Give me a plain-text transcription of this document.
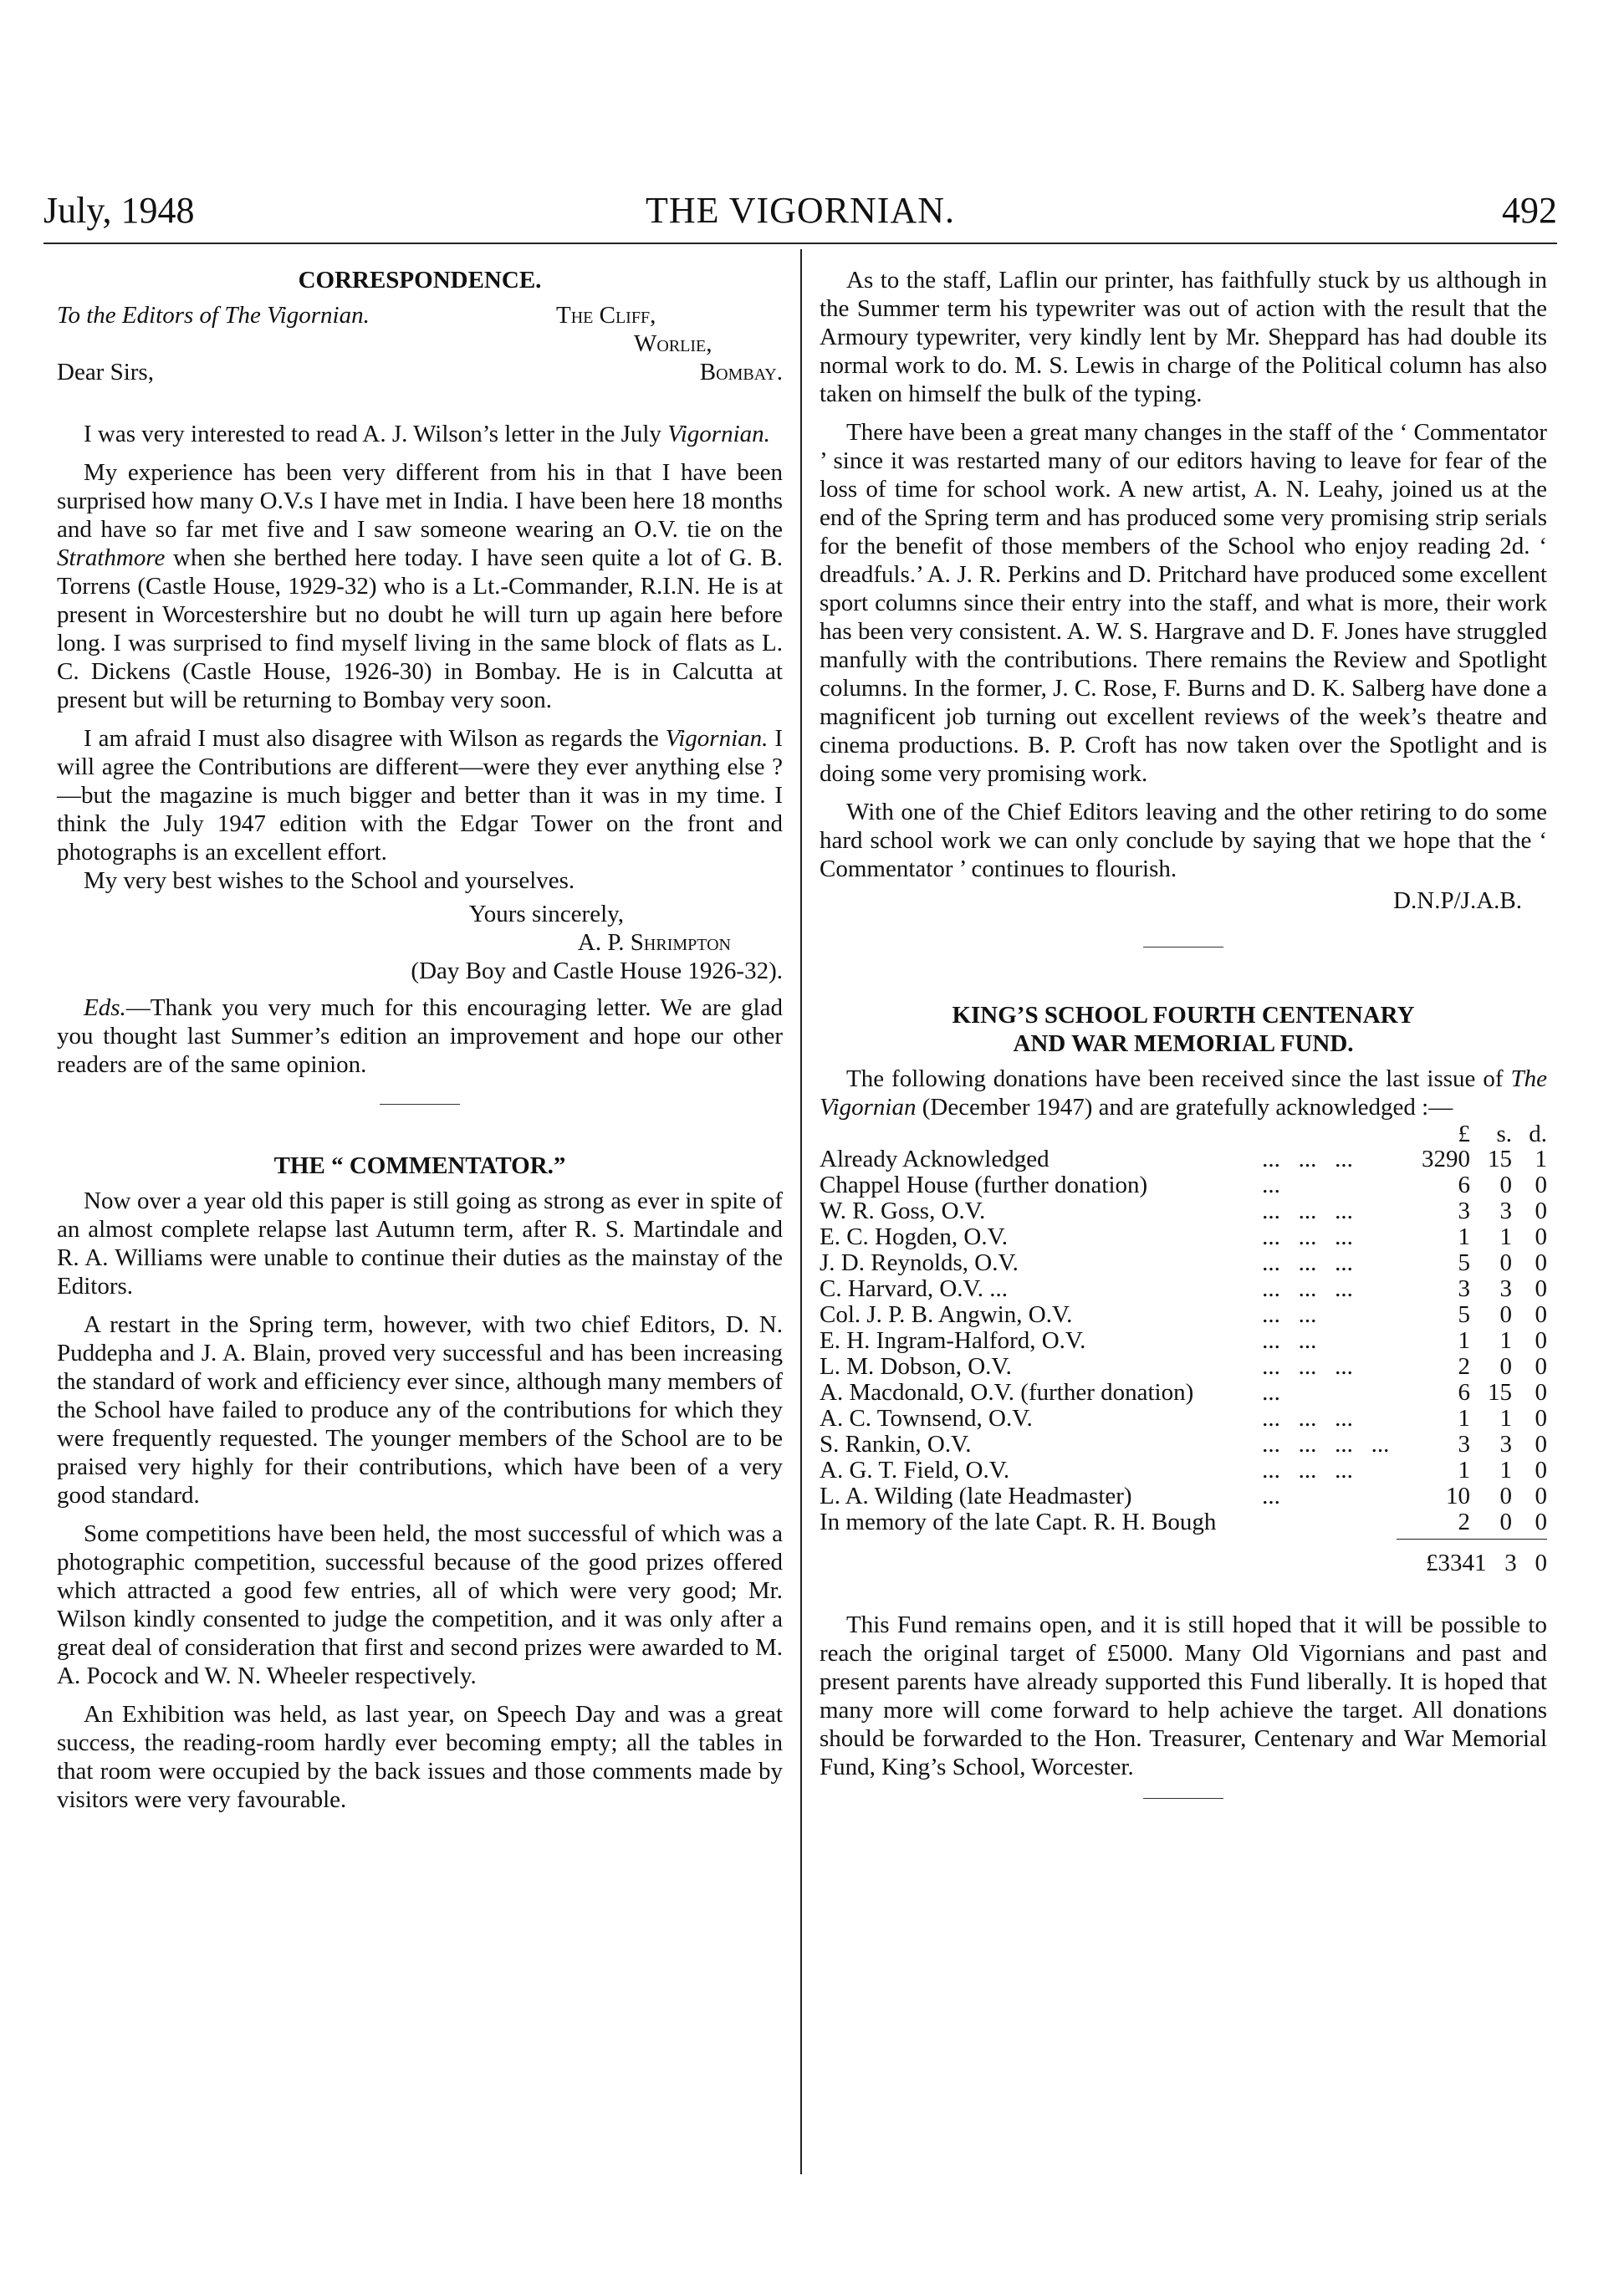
July, 1948	THE VIGORNIAN.	492
CORRESPONDENCE.
To the Editors of The Vigornian.	The Cliff,
Worlie,
Dear Sirs,	Bombay.

I was very interested to read A. J. Wilson’s letter in the July Vigornian.

My experience has been very different from his in that I have been surprised how many O.V.s I have met in India. I have been here 18 months and have so far met five and I saw someone wearing an O.V. tie on the Strathmore when she berthed here today. I have seen quite a lot of G. B. Torrens (Castle House, 1929-32) who is a Lt.-Commander, R.I.N. He is at present in Worcestershire but no doubt he will turn up again here before long. I was surprised to find myself living in the same block of flats as L. C. Dickens (Castle House, 1926-30) in Bombay. He is in Calcutta at present but will be returning to Bombay very soon.

I am afraid I must also disagree with Wilson as regards the Vigornian. I will agree the Contributions are different—were they ever anything else ?—but the magazine is much bigger and better than it was in my time. I think the July 1947 edition with the Edgar Tower on the front and photographs is an excellent effort.

My very best wishes to the School and yourselves.

Yours sincerely,

A. P. Shrimpton

(Day Boy and Castle House 1926-32).

Eds.—Thank you very much for this encouraging letter. We are glad you thought last Summer’s edition an improvement and hope our other readers are of the same opinion.

THE “ COMMENTATOR.”

Now over a year old this paper is still going as strong as ever in spite of an almost complete relapse last Autumn term, after R. S. Martindale and R. A. Williams were unable to continue their duties as the mainstay of the Editors.

A restart in the Spring term, however, with two chief Editors, D. N. Puddepha and J. A. Blain, proved very successful and has been increasing the standard of work and efficiency ever since, although many members of the School have failed to produce any of the contributions for which they were frequently requested. The younger members of the School are to be praised very highly for their contributions, which have been of a very good standard.

Some competitions have been held, the most successful of which was a photographic competition, successful because of the good prizes offered which attracted a good few entries, all of which were very good; Mr. Wilson kindly consented to judge the competition, and it was only after a great deal of consideration that first and second prizes were awarded to M. A. Pocock and W. N. Wheeler respectively.

An Exhibition was held, as last year, on Speech Day and was a great success, the reading-room hardly ever becoming empty; all the tables in that room were occupied by the back issues and those comments made by visitors were very favourable.

As to the staff, Laflin our printer, has faithfully stuck by us although in the Summer term his typewriter was out of action with the result that the Armoury typewriter, very kindly lent by Mr. Sheppard has had double its normal work to do. M. S. Lewis in charge of the Political column has also taken on himself the bulk of the typing.

There have been a great many changes in the staff of the ‘ Commentator ’ since it was restarted many of our editors having to leave for fear of the loss of time for school work. A new artist, A. N. Leahy, joined us at the end of the Spring term and has produced some very promising strip serials for the benefit of those members of the School who enjoy reading 2d. ‘ dreadfuls.’ A. J. R. Perkins and D. Pritchard have produced some excellent sport columns since their entry into the staff, and what is more, their work has been very consistent. A. W. S. Hargrave and D. F. Jones have struggled manfully with the contributions. There remains the Review and Spotlight columns. In the former, J. C. Rose, F. Burns and D. K. Salberg have done a magnificent job turning out excellent reviews of the week’s theatre and cinema productions. B. P. Croft has now taken over the Spotlight and is doing some very promising work.

With one of the Chief Editors leaving and the other retiring to do some hard school work we can only conclude by saying that we hope that the ‘ Commentator ’ continues to flourish.

D.N.P/J.A.B.

KING’S SCHOOL FOURTH CENTENARY
AND WAR MEMORIAL FUND.

The following donations have been received since the last issue of The Vigornian (December 1947) and are gratefully acknowledged :—

		£	s.	d.
Already Acknowledged	...   ...   ...	3290	15	1
Chappel House (further donation)	...	6	0	0
W. R. Goss, O.V.	...   ...   ...	3	3	0
E. C. Hogden, O.V.	...   ...   ...	1	1	0
J. D. Reynolds, O.V.	...   ...   ...	5	0	0
C. Harvard, O.V. ...	...   ...   ...	3	3	0
Col. J. P. B. Angwin, O.V.	...   ...	5	0	0
E. H. Ingram-Halford, O.V.	...   ...	1	1	0
L. M. Dobson, O.V.	...   ...   ...	2	0	0
A. Macdonald, O.V. (further donation)	...	6	15	0
A. C. Townsend, O.V.	...   ...   ...	1	1	0
S. Rankin, O.V.	...   ...   ...   ...	3	3	0
A. G. T. Field, O.V.	...   ...   ...	1	1	0
L. A. Wilding (late Headmaster)	...	10	0	0
In memory of the late Capt. R. H. Bough		2	0	0
£3341   3   0

This Fund remains open, and it is still hoped that it will be possible to reach the original target of £5000. Many Old Vigornians and past and present parents have already supported this Fund liberally. It is hoped that many more will come forward to help achieve the target. All donations should be forwarded to the Hon. Treasurer, Centenary and War Memorial Fund, King’s School, Worcester.
